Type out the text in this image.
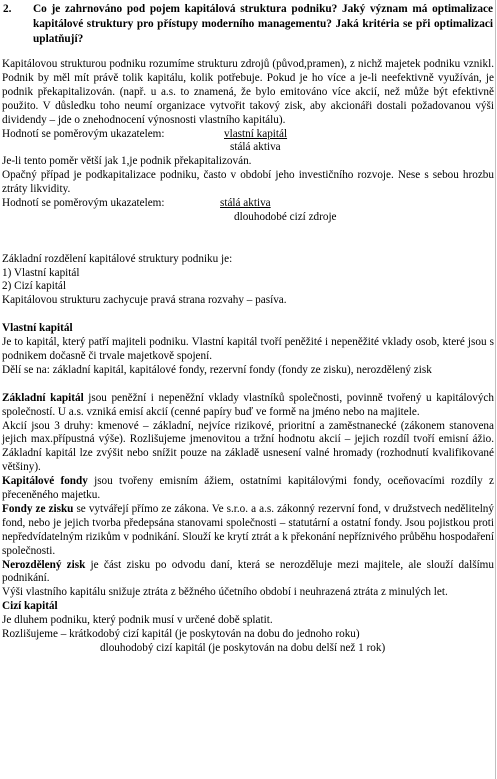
2.	Co je zahrnováno pod pojem kapitálová struktura podniku? Jaký význam má optimalizace kapitálové struktury pro přístupy moderního managementu? Jaká kritéria se při optimalizaci uplatňují?

Kapitálovou strukturou podniku rozumíme strukturu zdrojů (původ,pramen), z nichž majetek podniku vznikl. Podnik by měl mít právě tolik kapitálu, kolik potřebuje. Pokud je ho více a je-li neefektivně využíván, je podnik překapitalizován. (např. u a.s. to znamená, že bylo emitováno více akcií, než může být efektivně použito. V důsledku toho neumí organizace vytvořit takový zisk, aby akcionáři dostali požadovanou výši dividendy – jde o znehodnocení výnosnosti vlastního kapitálu).

Hodnotí se poměrovým ukazatelem:	vlastní kapitál

stálá aktiva

Je-li tento poměr větší jak 1,je podnik překapitalizován.

Opačný případ je podkapitalizace podniku, často v období jeho investičního rozvoje. Nese s sebou hrozbu ztráty likvidity.

Hodnotí se poměrovým ukazatelem:	stálá aktiva

dlouhodobé cizí zdroje

Základní rozdělení kapitálové struktury podniku je:

1) Vlastní kapitál

2) Cizí kapitál

Kapitálovou strukturu zachycuje pravá strana rozvahy – pasíva.

Vlastní kapitál

Je to kapitál, který patří majiteli podniku. Vlastní kapitál tvoří peněžité i nepeněžité vklady osob, které jsou s podnikem dočasně či trvale majetkově spojení.

Dělí se na: základní kapitál, kapitálové fondy, rezervní fondy (fondy ze zisku), nerozdělený zisk

Základní kapitál jsou peněžní i nepeněžní vklady vlastníků společnosti, povinně tvořený u kapitálových společností. U a.s. vzniká emisí akcií (cenné papíry buď ve formě na jméno nebo na majitele.

Akcií jsou 3 druhy: kmenové – základní, nejvíce rizikové, prioritní a zaměstnanecké (zákonem stanovena jejich max.přípustná výše). Rozlišujeme jmenovitou a tržní hodnotu akcií – jejich rozdíl tvoří emisní ážio. Základní kapitál lze zvýšit nebo snížit pouze na základě usnesení valné hromady (rozhodnutí kvalifikované většiny).

Kapitálové fondy jsou tvořeny emisním ážiem, ostatními kapitálovými fondy, oceňovacími rozdíly z přeceněného majetku.

Fondy ze zisku se vytvářejí přímo ze zákona. Ve s.r.o. a a.s. zákonný rezervní fond, v družstvech nedělitelný fond, nebo je jejich tvorba předepsána stanovami společnosti – statutární a ostatní fondy. Jsou pojistkou proti nepředvídatelným rizikům v podnikání. Slouží ke krytí ztrát a k překonání nepříznivého průběhu hospodaření společnosti.

Nerozdělený zisk je část zisku po odvodu daní, která se nerozděluje mezi majitele, ale slouží dalšímu podnikání.

Výši vlastního kapitálu snižuje ztráta z běžného účetního období i neuhrazená ztráta z minulých let.

Cizí kapitál

Je dluhem podniku, který podnik musí v určené době splatit.

Rozlišujeme – krátkodobý cizí kapitál (je poskytován na dobu do jednoho roku)

dlouhodobý cizí kapitál (je poskytován na dobu delší než 1 rok)
